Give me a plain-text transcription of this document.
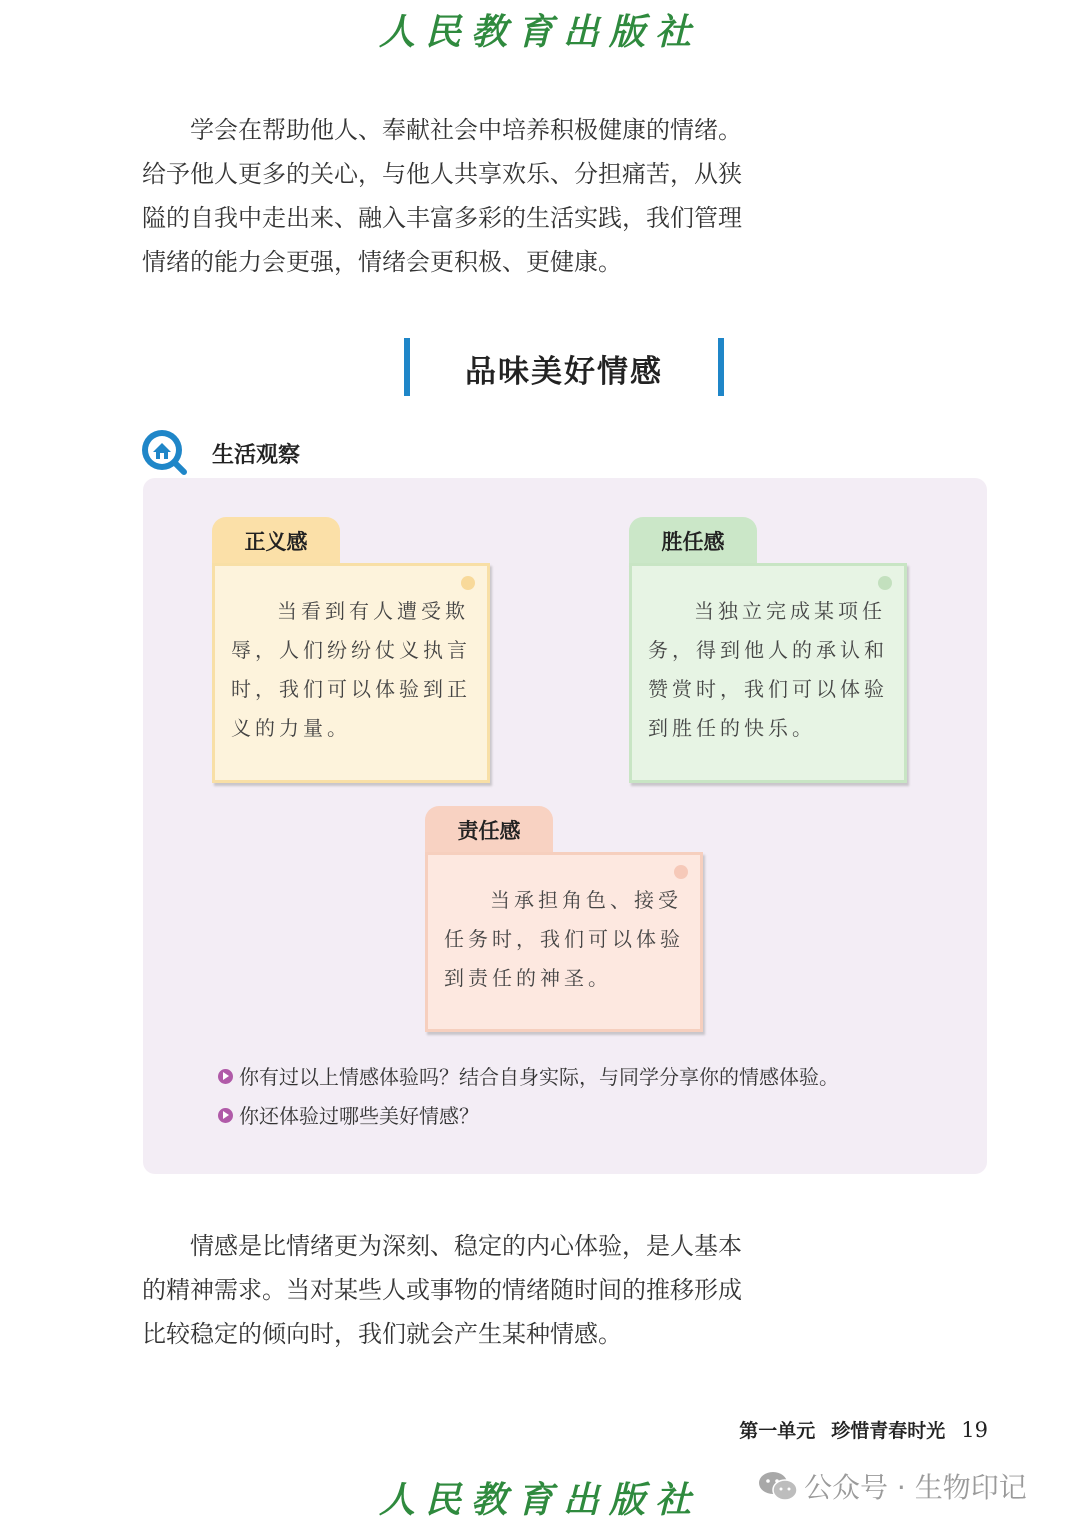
人民教育出版社

学会在帮助他人、奉献社会中培养积极健康的情绪。

给予他人更多的关心，与他人共享欢乐、分担痛苦，从狭

隘的自我中走出来、融入丰富多彩的生活实践，我们管理

情绪的能力会更强，情绪会更积极、更健康。

品味美好情感
生活观察
正义感
当看到有人遭受欺辱，人们纷纷仗义执言时，我们可以体验到正义的力量。
胜任感
当独立完成某项任务，得到他人的承认和赞赏时，我们可以体验到胜任的快乐。
责任感
当承担角色、接受任务时，我们可以体验到责任的神圣。
你有过以上情感体验吗？结合自身实际，与同学分享你的情感体验。
你还体验过哪些美好情感？

情感是比情绪更为深刻、稳定的内心体验，是人基本

的精神需求。当对某些人或事物的情绪随时间的推移形成

比较稳定的倾向时，我们就会产生某种情感。

第一单元 珍惜青春时光 19
人民教育出版社	公众号 · 生物印记
